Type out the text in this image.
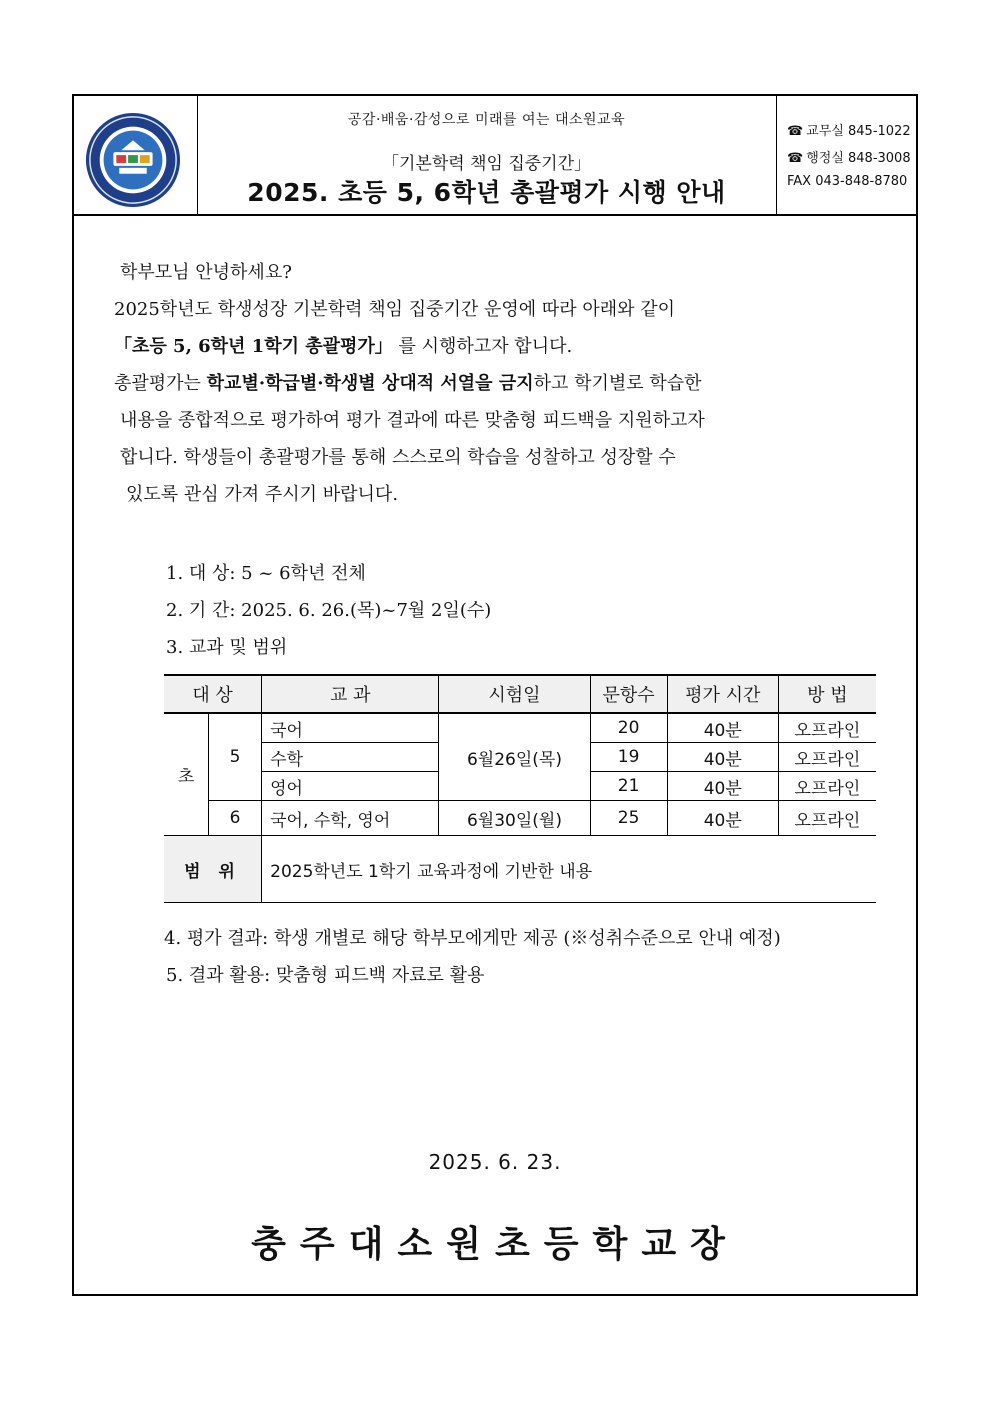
공감·배움·감성으로 미래를 여는 대소원교육
「기본학력 책임 집중기간」
2025. 초등 5, 6학년 총괄평가 시행 안내
☎ 교무실 845-1022
☎ 행정실 848-3008
FAX 043-848-8780
학부모님 안녕하세요?
2025학년도 학생성장 기본학력 책임 집중기간 운영에 따라 아래와 같이
「초등 5, 6학년 1학기 총괄평가」 를 시행하고자 합니다.
총괄평가는 학교별·학급별·학생별 상대적 서열을 금지하고 학기별로 학습한
내용을 종합적으로 평가하여 평가 결과에 따른 맞춤형 피드백을 지원하고자
합니다. 학생들이 총괄평가를 통해 스스로의 학습을 성찰하고 성장할 수
있도록 관심 가져 주시기 바랍니다.
1. 대 상: 5 ~ 6학년 전체
2. 기 간: 2025. 6. 26.(목)~7월 2일(수)
3. 교과 및 범위
대 상		교 과	시험일	문항수	평가 시간	방 법
초	5	국어	6월26일(목)	20	40분	오프라인
		수학		19	40분	오프라인
		영어		21	40분	오프라인
	6	국어, 수학, 영어	6월30일(월)	25	40분	오프라인
범 위		2025학년도 1학기 교육과정에 기반한 내용				
4. 평가 결과: 학생 개별로 해당 학부모에게만 제공 (※성취수준으로 안내 예정)
5. 결과 활용: 맞춤형 피드백 자료로 활용
2025. 6. 23.
충주대소원초등학교장
